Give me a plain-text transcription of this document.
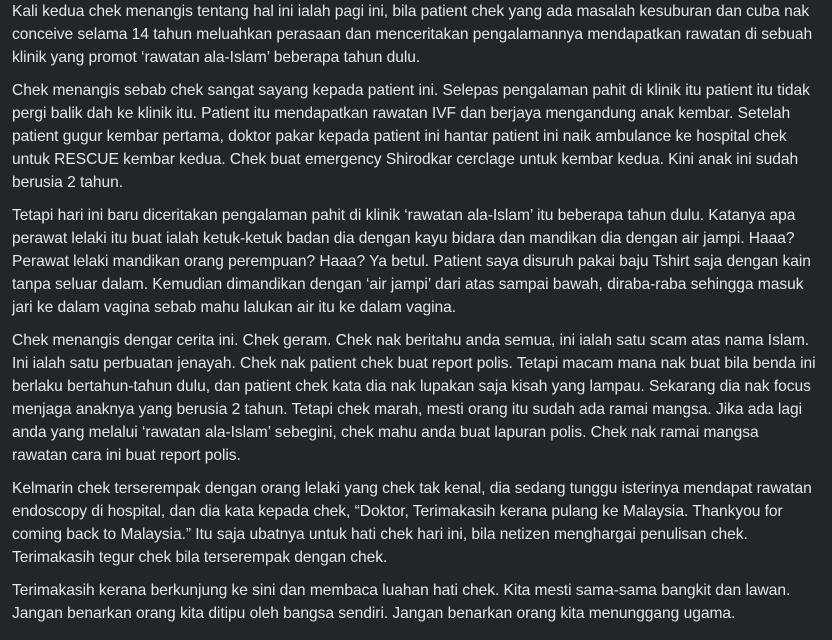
Kali kedua chek menangis tentang hal ini ialah pagi ini, bila patient chek yang ada masalah kesuburan dan cuba nak conceive selama 14 tahun meluahkan perasaan dan menceritakan pengalamannya mendapatkan rawatan di sebuah klinik yang promot ‘rawatan ala-Islam’ beberapa tahun dulu.

Chek menangis sebab chek sangat sayang kepada patient ini. Selepas pengalaman pahit di klinik itu patient itu tidak pergi balik dah ke klinik itu. Patient itu mendapatkan rawatan IVF dan berjaya mengandung anak kembar. Setelah patient gugur kembar pertama, doktor pakar kepada patient ini hantar patient ini naik ambulance ke hospital chek untuk RESCUE kembar kedua. Chek buat emergency Shirodkar cerclage untuk kembar kedua. Kini anak ini sudah berusia 2 tahun.

Tetapi hari ini baru diceritakan pengalaman pahit di klinik ‘rawatan ala-Islam’ itu beberapa tahun dulu. Katanya apa perawat lelaki itu buat ialah ketuk-ketuk badan dia dengan kayu bidara dan mandikan dia dengan air jampi. Haaa? Perawat lelaki mandikan orang perempuan? Haaa? Ya betul. Patient saya disuruh pakai baju Tshirt saja dengan kain tanpa seluar dalam. Kemudian dimandikan dengan ‘air jampi’ dari atas sampai bawah, diraba-raba sehingga masuk jari ke dalam vagina sebab mahu lalukan air itu ke dalam vagina.

Chek menangis dengar cerita ini. Chek geram. Chek nak beritahu anda semua, ini ialah satu scam atas nama Islam. Ini ialah satu perbuatan jenayah. Chek nak patient chek buat report polis. Tetapi macam mana nak buat bila benda ini berlaku bertahun-tahun dulu, dan patient chek kata dia nak lupakan saja kisah yang lampau. Sekarang dia nak focus menjaga anaknya yang berusia 2 tahun. Tetapi chek marah, mesti orang itu sudah ada ramai mangsa. Jika ada lagi anda yang melalui ‘rawatan ala-Islam’ sebegini, chek mahu anda buat lapuran polis. Chek nak ramai mangsa rawatan cara ini buat report polis.

Kelmarin chek terserempak dengan orang lelaki yang chek tak kenal, dia sedang tunggu isterinya mendapat rawatan endoscopy di hospital, dan dia kata kepada chek, “Doktor, Terimakasih kerana pulang ke Malaysia. Thankyou for coming back to Malaysia.” Itu saja ubatnya untuk hati chek hari ini, bila netizen menghargai penulisan chek. Terimakasih tegur chek bila terserempak dengan chek.

Terimakasih kerana berkunjung ke sini dan membaca luahan hati chek. Kita mesti sama-sama bangkit dan lawan. Jangan benarkan orang kita ditipu oleh bangsa sendiri. Jangan benarkan orang kita menunggang ugama.
